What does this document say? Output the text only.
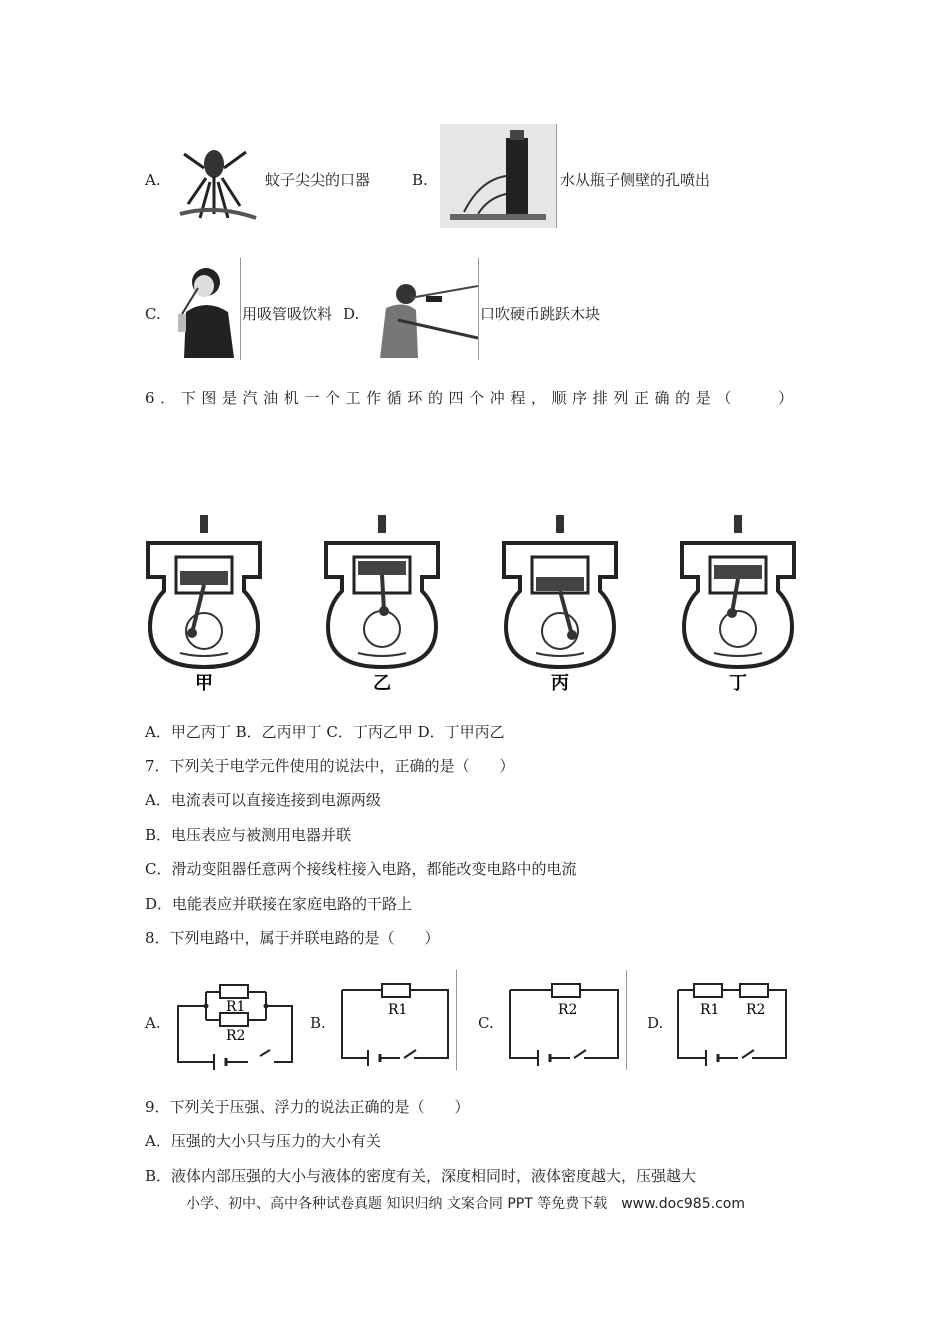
A.	蚊子尖尖的口器	B.	水从瓶子侧壁的孔喷出
C.	用吸管吸饮料 D.	口吹硬币跳跃木块
6．下图是汽油机一个工作循环的四个冲程，顺序排列正确的是（　　）
甲	乙	丙	丁
A．甲乙丙丁 B．乙丙甲丁 C．丁丙乙甲 D．丁甲丙乙
7．下列关于电学元件使用的说法中，正确的是（　　）
A．电流表可以直接连接到电源两级
B．电压表应与被测用电器并联
C．滑动变阻器任意两个接线柱接入电路，都能改变电路中的电流
D．电能表应并联接在家庭电路的干路上
8．下列电路中，属于并联电路的是（　　）
A.
R1
R2
B.
R1
C.
R2
D.
R1 R2
9．下列关于压强、浮力的说法正确的是（　　）
A．压强的大小只与压力的大小有关
B．液体内部压强的大小与液体的密度有关，深度相同时，液体密度越大，压强越大
小学、初中、高中各种试卷真题 知识归纳 文案合同 PPT 等免费下载　www.doc985.com
